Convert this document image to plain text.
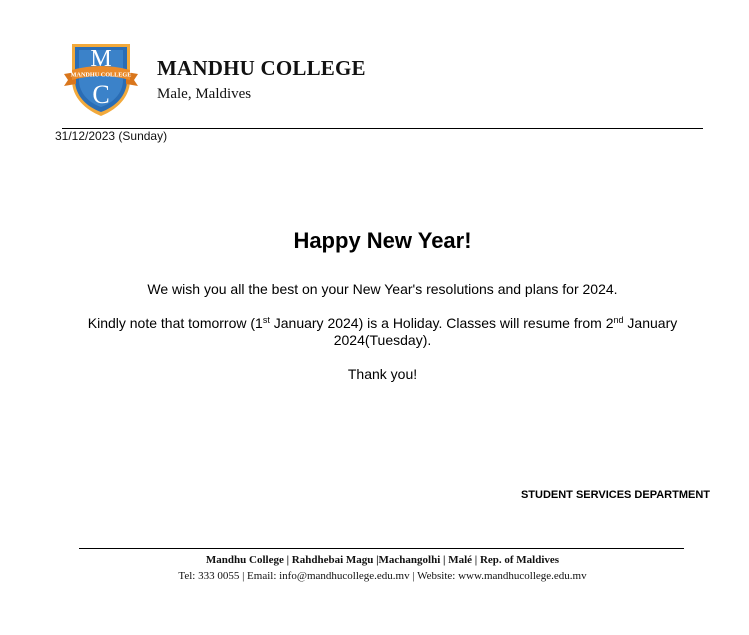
M
MANDHU COLLEGE
C
MANDHU COLLEGE
Male, Maldives
31/12/2023 (Sunday)
Happy New Year!
We wish you all the best on your New Year's resolutions and plans for 2024.
Kindly note that tomorrow (1st January 2024) is a Holiday. Classes will resume from 2nd January 2024(Tuesday).
Thank you!
STUDENT SERVICES DEPARTMENT
Mandhu College | Rahdhebai Magu |Machangolhi | Malé | Rep. of Maldives
Tel: 333 0055 | Email: info@mandhucollege.edu.mv | Website: www.mandhucollege.edu.mv
